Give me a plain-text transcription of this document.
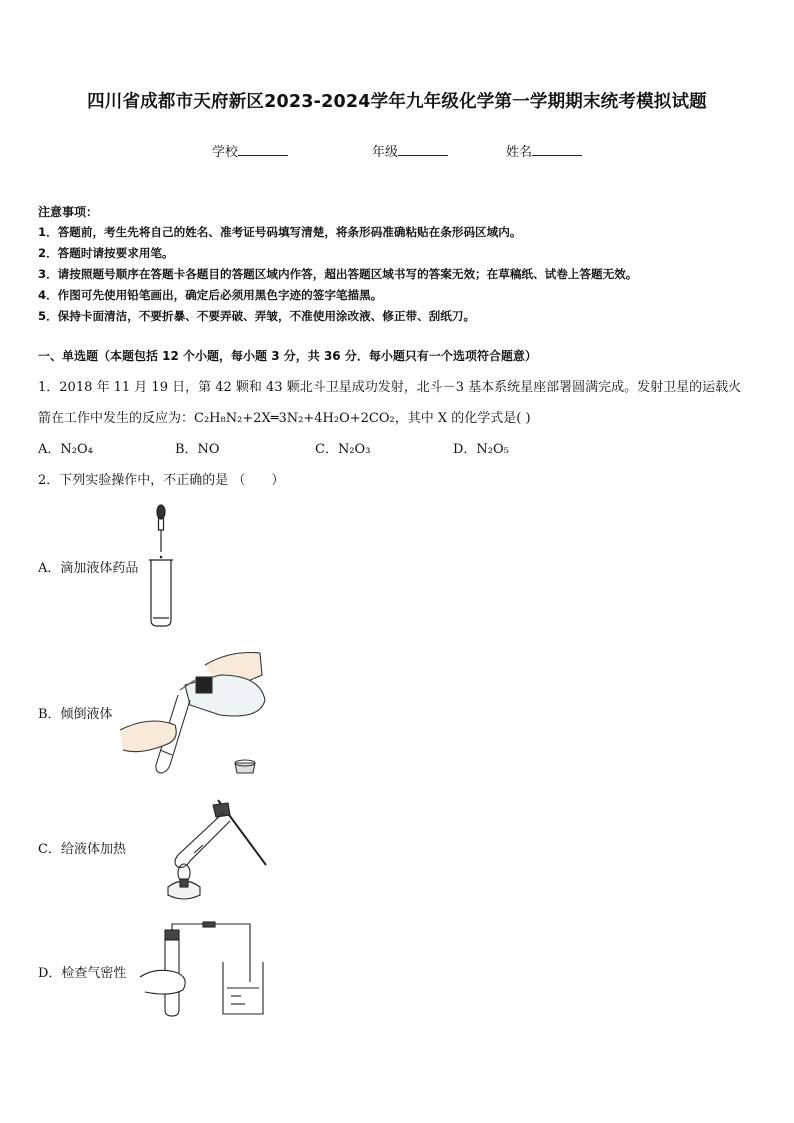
四川省成都市天府新区2023-2024学年九年级化学第一学期期末统考模拟试题
学校	年级	姓名
注意事项：
1．答题前，考生先将自己的姓名、准考证号码填写清楚，将条形码准确粘贴在条形码区域内。
2．答题时请按要求用笔。
3．请按照题号顺序在答题卡各题目的答题区域内作答，超出答题区域书写的答案无效；在草稿纸、试卷上答题无效。
4．作图可先使用铅笔画出，确定后必须用黑色字迹的签字笔描黑。
5．保持卡面清洁，不要折暴、不要弄破、弄皱，不准使用涂改液、修正带、刮纸刀。
一、单选题（本题包括 12 个小题，每小题 3 分，共 36 分．每小题只有一个选项符合题意）
1．2018 年 11 月 19 日，第 42 颗和 43 颗北斗卫星成功发射，北斗－3 基本系统星座部署圆满完成。发射卫星的运载火
箭在工作中发生的反应为：C₂H₈N₂+2X═3N₂+4H₂O+2CO₂，其中 X 的化学式是( )
A．N₂O₄	B．NO	C．N₂O₃	D．N₂O₅
2．下列实验操作中，不正确的是 （　　）
A．滴加液体药品
B．倾倒液体
C．给液体加热
D．检查气密性
